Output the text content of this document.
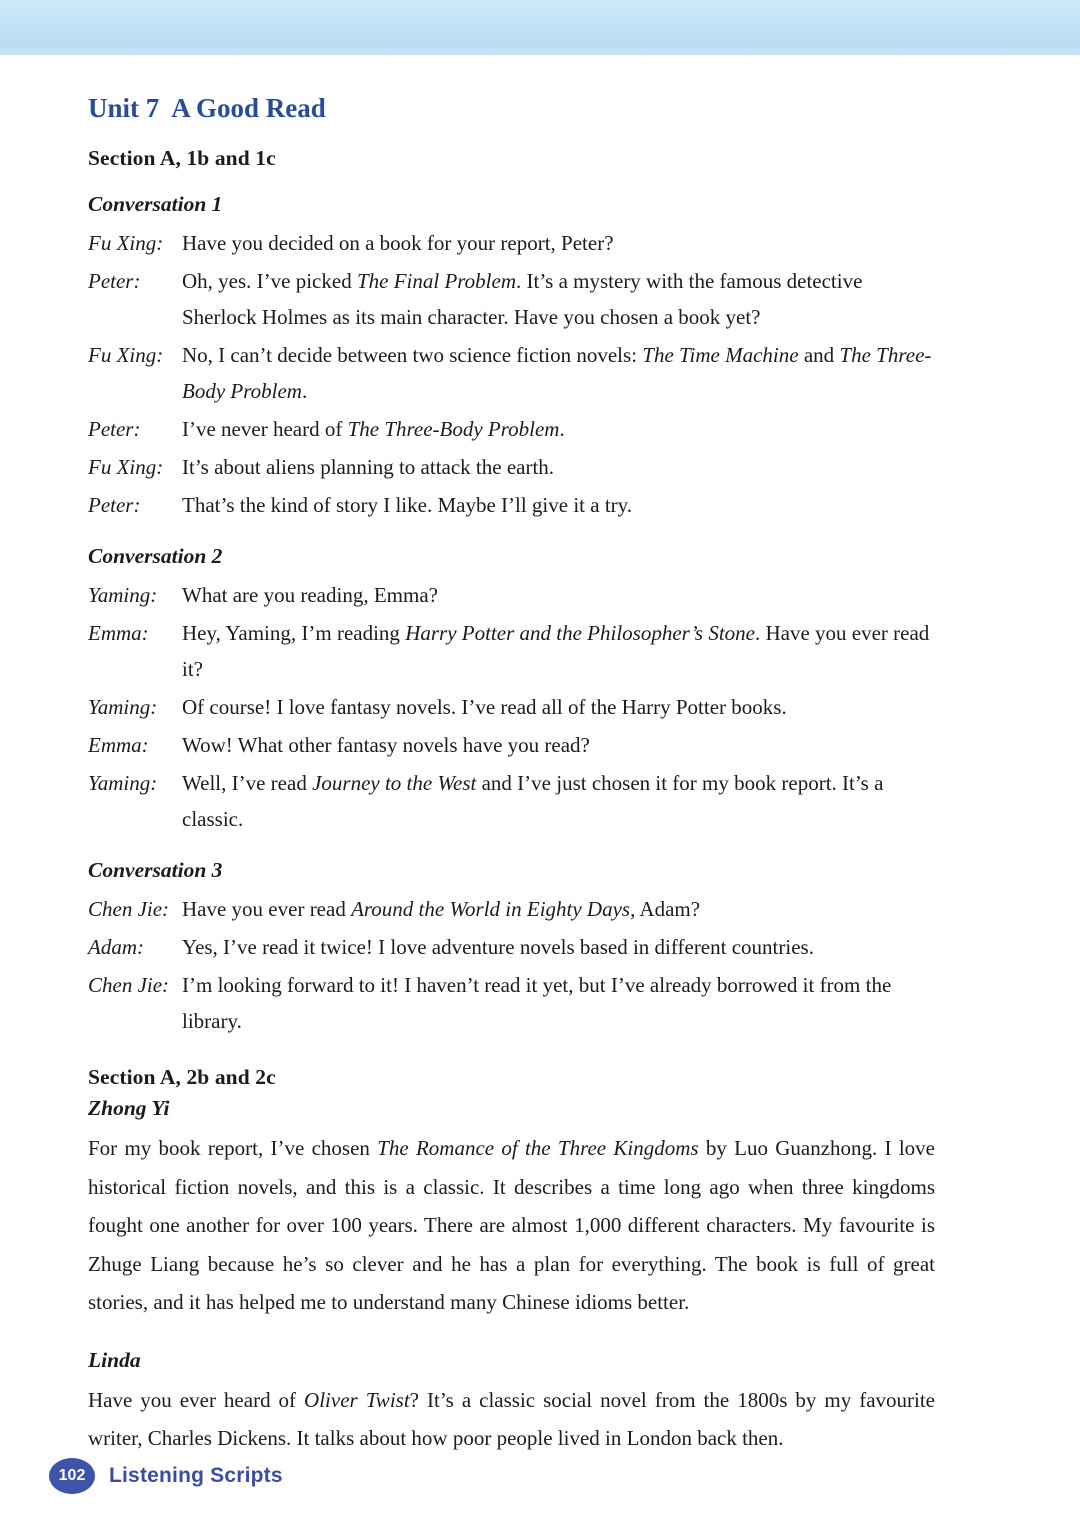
Unit 7  A Good Read
Section A, 1b and 1c
Conversation 1
Fu Xing: Have you decided on a book for your report, Peter?
Peter:	Oh, yes. I’ve picked The Final Problem. It’s a mystery with the famous detective Sherlock Holmes as its main character. Have you chosen a book yet?
Fu Xing: No, I can’t decide between two science fiction novels: The Time Machine and The Three-Body Problem.
Peter:	I’ve never heard of The Three-Body Problem.
Fu Xing: It’s about aliens planning to attack the earth.
Peter:	That’s the kind of story I like. Maybe I’ll give it a try.
Conversation 2
Yaming:	What are you reading, Emma?
Emma:	Hey, Yaming, I’m reading Harry Potter and the Philosopher’s Stone. Have you ever read it?
Yaming:	Of course! I love fantasy novels. I’ve read all of the Harry Potter books.
Emma:	Wow! What other fantasy novels have you read?
Yaming:	Well, I’ve read Journey to the West and I’ve just chosen it for my book report. It’s a classic.
Conversation 3
Chen Jie: Have you ever read Around the World in Eighty Days, Adam?
Adam:	Yes, I’ve read it twice! I love adventure novels based in different countries.
Chen Jie: I’m looking forward to it! I haven’t read it yet, but I’ve already borrowed it from the library.
Section A, 2b and 2c
Zhong Yi
For my book report, I’ve chosen The Romance of the Three Kingdoms by Luo Guanzhong. I love historical fiction novels, and this is a classic. It describes a time long ago when three kingdoms fought one another for over 100 years. There are almost 1,000 different characters. My favourite is Zhuge Liang because he’s so clever and he has a plan for everything. The book is full of great stories, and it has helped me to understand many Chinese idioms better.
Linda
Have you ever heard of Oliver Twist? It’s a classic social novel from the 1800s by my favourite writer, Charles Dickens. It talks about how poor people lived in London back then.
102	Listening Scripts
